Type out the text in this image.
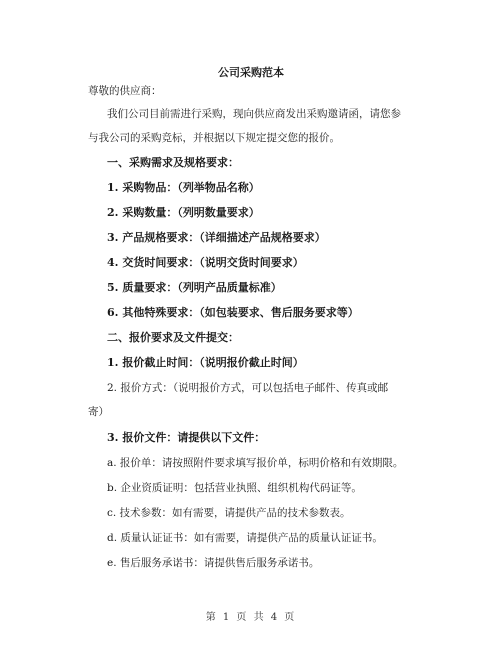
公司采购范本
尊敬的供应商：
我们公司目前需进行采购，现向供应商发出采购邀请函，请您参
与我公司的采购竞标，并根据以下规定提交您的报价。
一、采购需求及规格要求：
1. 采购物品：（列举物品名称）
2. 采购数量：（列明数量要求）
3. 产品规格要求：（详细描述产品规格要求）
4. 交货时间要求：（说明交货时间要求）
5. 质量要求：（列明产品质量标准）
6. 其他特殊要求：（如包装要求、售后服务要求等）
二、报价要求及文件提交：
1. 报价截止时间：（说明报价截止时间）
2. 报价方式：（说明报价方式，可以包括电子邮件、传真或邮
寄）
3. 报价文件：请提供以下文件：
a. 报价单：请按照附件要求填写报价单，标明价格和有效期限。
b. 企业资质证明：包括营业执照、组织机构代码证等。
c. 技术参数：如有需要，请提供产品的技术参数表。
d. 质量认证证书：如有需要，请提供产品的质量认证证书。
e. 售后服务承诺书：请提供售后服务承诺书。
第 1 页 共 4 页
